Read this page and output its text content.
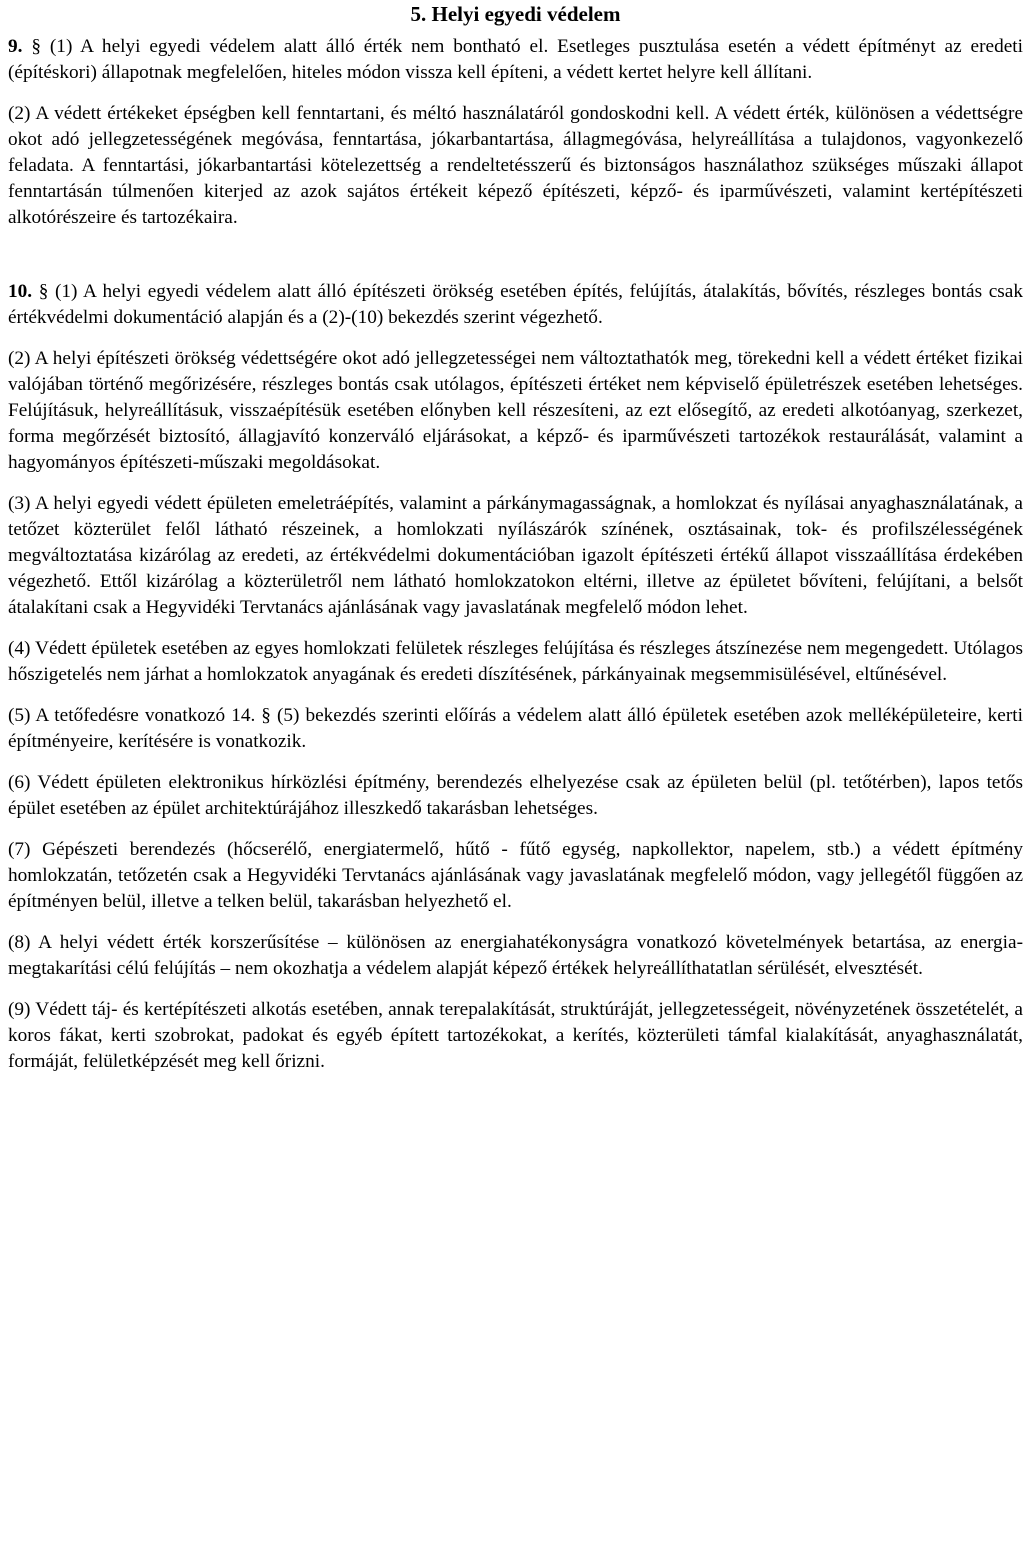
5. Helyi egyedi védelem

9. § (1) A helyi egyedi védelem alatt álló érték nem bontható el. Esetleges pusztulása esetén a védett építményt az eredeti (építéskori) állapotnak megfelelően, hiteles módon vissza kell építeni, a védett kertet helyre kell állítani.

(2) A védett értékeket épségben kell fenntartani, és méltó használatáról gondoskodni kell. A védett érték, különösen a védettségre okot adó jellegzetességének megóvása, fenntartása, jókarbantartása, állagmegóvása, helyreállítása a tulajdonos, vagyonkezelő feladata. A fenntartási, jókarbantartási kötelezettség a rendeltetésszerű és biztonságos használathoz szükséges műszaki állapot fenntartásán túlmenően kiterjed az azok sajátos értékeit képező építészeti, képző- és iparművészeti, valamint kertépítészeti alkotórészeire és tartozékaira.

10. § (1) A helyi egyedi védelem alatt álló építészeti örökség esetében építés, felújítás, átalakítás, bővítés, részleges bontás csak értékvédelmi dokumentáció alapján és a (2)-(10) bekezdés szerint végezhető.

(2) A helyi építészeti örökség védettségére okot adó jellegzetességei nem változtathatók meg, törekedni kell a védett értéket fizikai valójában történő megőrizésére, részleges bontás csak utólagos, építészeti értéket nem képviselő épületrészek esetében lehetséges. Felújításuk, helyreállításuk, visszaépítésük esetében előnyben kell részesíteni, az ezt elősegítő, az eredeti alkotóanyag, szerkezet, forma megőrzését biztosító, állagjavító konzerváló eljárásokat, a képző- és iparművészeti tartozékok restaurálását, valamint a hagyományos építészeti-műszaki megoldásokat.

(3) A helyi egyedi védett épületen emeletráépítés, valamint a párkánymagasságnak, a homlokzat és nyílásai anyaghasználatának, a tetőzet közterület felől látható részeinek, a homlokzati nyílászárók színének, osztásainak, tok- és profilszélességének megváltoztatása kizárólag az eredeti, az értékvédelmi dokumentációban igazolt építészeti értékű állapot visszaállítása érdekében végezhető. Ettől kizárólag a közterületről nem látható homlokzatokon eltérni, illetve az épületet bővíteni, felújítani, a belsőt átalakítani csak a Hegyvidéki Tervtanács ajánlásának vagy javaslatának megfelelő módon lehet.

(4) Védett épületek esetében az egyes homlokzati felületek részleges felújítása és részleges átszínezése nem megengedett. Utólagos hőszigetelés nem járhat a homlokzatok anyagának és eredeti díszítésének, párkányainak megsemmisülésével, eltűnésével.

(5) A tetőfedésre vonatkozó 14. § (5) bekezdés szerinti előírás a védelem alatt álló épületek esetében azok melléképületeire, kerti építményeire, kerítésére is vonatkozik.

(6) Védett épületen elektronikus hírközlési építmény, berendezés elhelyezése csak az épületen belül (pl. tetőtérben), lapos tetős épület esetében az épület architektúrájához illeszkedő takarásban lehetséges.

(7) Gépészeti berendezés (hőcserélő, energiatermelő, hűtő - fűtő egység, napkollektor, napelem, stb.) a védett építmény homlokzatán, tetőzetén csak a Hegyvidéki Tervtanács ajánlásának vagy javaslatának megfelelő módon, vagy jellegétől függően az építményen belül, illetve a telken belül, takarásban helyezhető el.

(8) A helyi védett érték korszerűsítése – különösen az energiahatékonyságra vonatkozó követelmények betartása, az energia-megtakarítási célú felújítás – nem okozhatja a védelem alapját képező értékek helyreállíthatatlan sérülését, elvesztését.

(9) Védett táj- és kertépítészeti alkotás esetében, annak terepalakítását, struktúráját, jellegzetességeit, növényzetének összetételét, a koros fákat, kerti szobrokat, padokat és egyéb épített tartozékokat, a kerítés, közterületi támfal kialakítását, anyaghasználatát, formáját, felületképzését meg kell őrizni.
